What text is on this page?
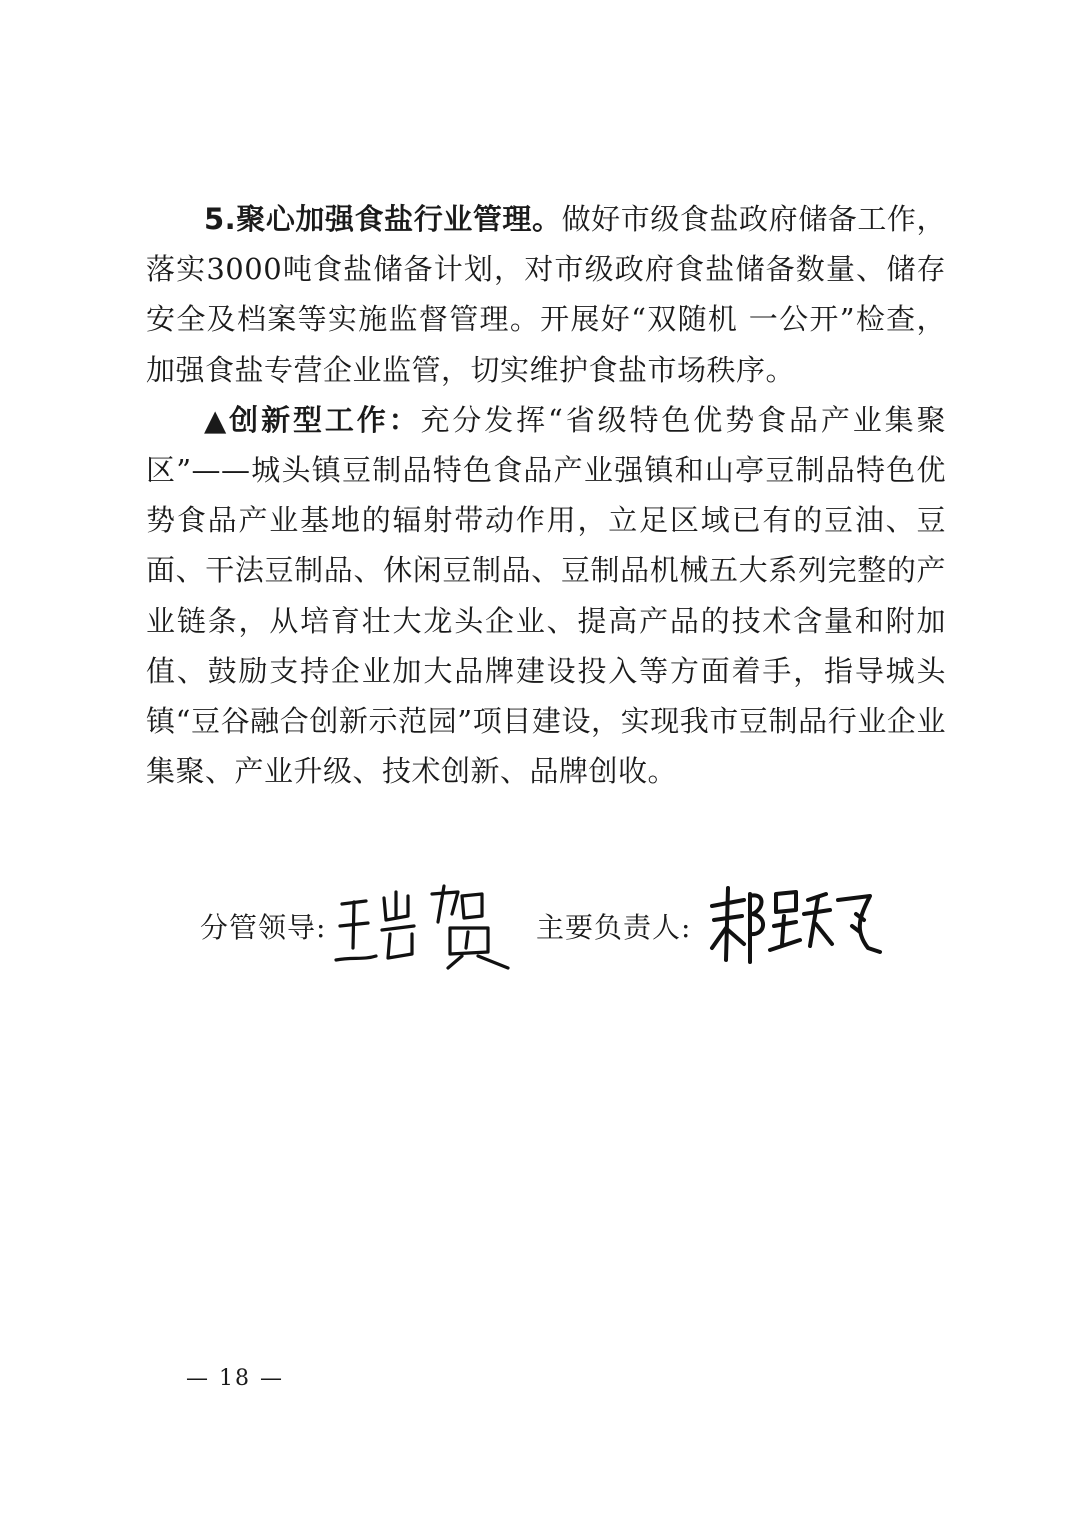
5.聚心加强食盐行业管理。做好市级食盐政府储备工作，落实3000吨食盐储备计划，对市级政府食盐储备数量、储存安全及档案等实施监督管理。开展好“双随机 一公开”检查，加强食盐专营企业监管，切实维护食盐市场秩序。

▲创新型工作：充分发挥“省级特色优势食品产业集聚区”——城头镇豆制品特色食品产业强镇和山亭豆制品特色优势食品产业基地的辐射带动作用，立足区域已有的豆油、豆面、干法豆制品、休闲豆制品、豆制品机械五大系列完整的产业链条，从培育壮大龙头企业、提高产品的技术含量和附加值、鼓励支持企业加大品牌建设投入等方面着手，指导城头镇“豆谷融合创新示范园”项目建设，实现我市豆制品行业企业集聚、产业升级、技术创新、品牌创收。

分管领导:	主要负责人:
— 18 —
